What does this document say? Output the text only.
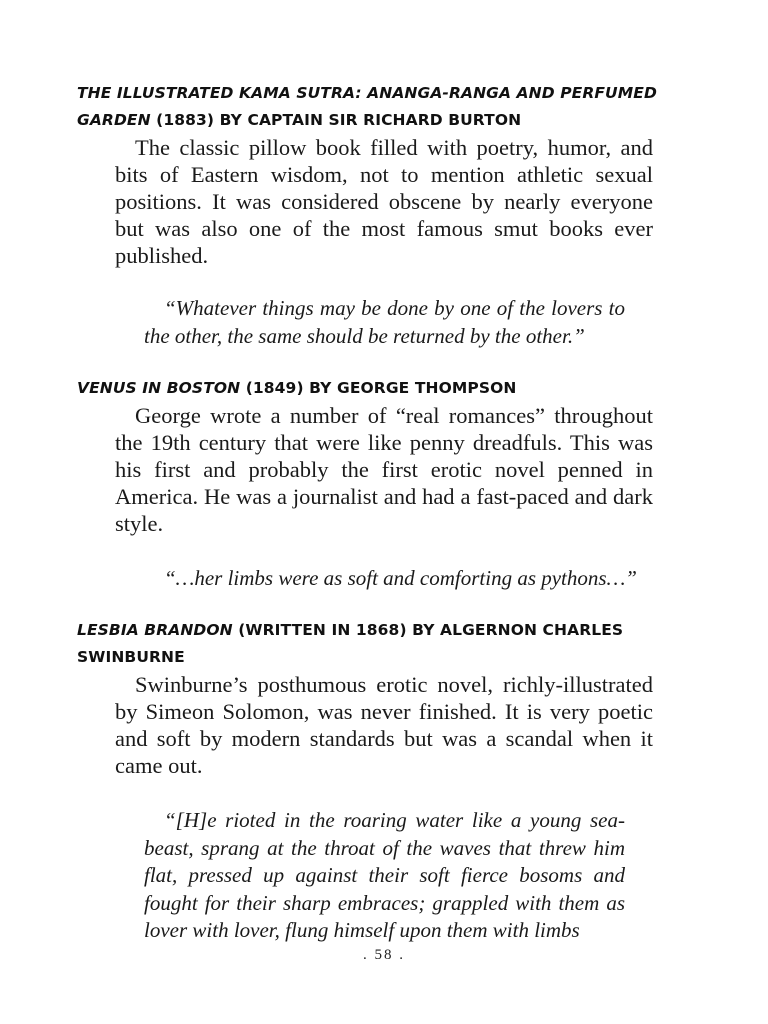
THE ILLUSTRATED KAMA SUTRA: ANANGA-RANGA AND PERFUMED GARDEN (1883) BY CAPTAIN SIR RICHARD BURTON
The classic pillow book filled with poetry, humor, and bits of Eastern wisdom, not to mention athletic sexual positions. It was considered obscene by nearly everyone but was also one of the most famous smut books ever published.
“Whatever things may be done by one of the lovers to the other, the same should be returned by the other.”
VENUS IN BOSTON (1849) BY GEORGE THOMPSON
George wrote a number of “real romances” throughout the 19th century that were like penny dreadfuls. This was his first and probably the first erotic novel penned in America. He was a journalist and had a fast-paced and dark style.
“…her limbs were as soft and comforting as pythons…”
LESBIA BRANDON (WRITTEN IN 1868) BY ALGERNON CHARLES SWINBURNE
Swinburne’s posthumous erotic novel, richly-illustrated by Simeon Solomon, was never finished. It is very poetic and soft by modern standards but was a scandal when it came out.
“[H]e rioted in the roaring water like a young sea-beast, sprang at the throat of the waves that threw him flat, pressed up against their soft fierce bosoms and fought for their sharp embraces; grappled with them as lover with lover, flung himself upon them with limbs
. 58 .
